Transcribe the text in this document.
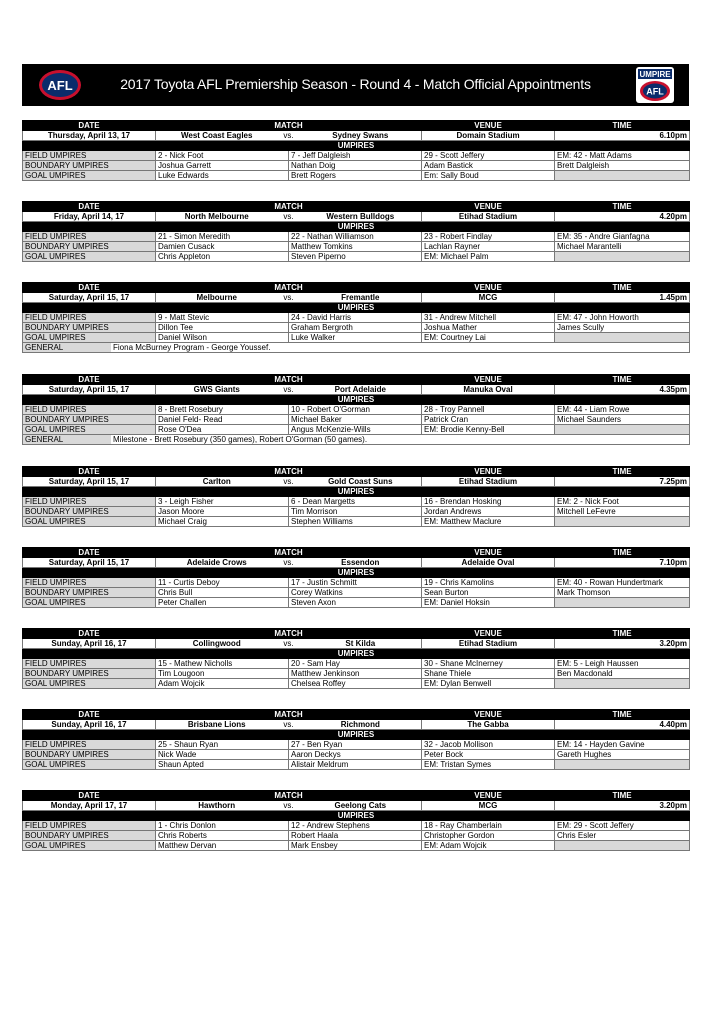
AFL	2017 Toyota AFL Premiership Season - Round 4 - Match Official Appointments
UMPIRE
AFL
DATE	MATCH		VENUE	TIME
Thursday, April 13, 17	West Coast Eagles vs. Sydney Swans		Domain Stadium	6.10pm
UMPIRES				
FIELD UMPIRES	2 - Nick Foot	7 - Jeff Dalgleish	29 - Scott Jeffery	EM: 42 - Matt Adams
BOUNDARY UMPIRES	Joshua Garrett	Nathan Doig	Adam Bastick	Brett Dalgleish
GOAL UMPIRES	Luke Edwards	Brett Rogers	Em: Sally Boud	
DATE	MATCH		VENUE	TIME
Friday, April 14, 17	North Melbourne vs. Western Bulldogs		Etihad Stadium	4.20pm
UMPIRES				
FIELD UMPIRES	21 - Simon Meredith	22 - Nathan Williamson	23 - Robert Findlay	EM: 35 - Andre Gianfagna
BOUNDARY UMPIRES	Damien Cusack	Matthew Tomkins	Lachlan Rayner	Michael Marantelli
GOAL UMPIRES	Chris Appleton	Steven Piperno	EM: Michael Palm	
DATE	MATCH		VENUE	TIME
Saturday, April 15, 17	Melbourne vs. Fremantle		MCG	1.45pm
UMPIRES				
FIELD UMPIRES	9 - Matt Stevic	24 - David Harris	31 - Andrew Mitchell	EM: 47 - John Howorth
BOUNDARY UMPIRES	Dillon Tee	Graham Bergroth	Joshua Mather	James Scully
GOAL UMPIRES	Daniel Wilson	Luke Walker	EM: Courtney Lai	

GENERAL Fiona McBurney Program - George Youssef.				
DATE	MATCH		VENUE	TIME
Saturday, April 15, 17	GWS Giants vs. Port Adelaide		Manuka Oval	4.35pm
UMPIRES				
FIELD UMPIRES	8 - Brett Rosebury	10 - Robert O'Gorman	28 - Troy Pannell	EM: 44 - Liam Rowe
BOUNDARY UMPIRES	Daniel Feld- Read	Michael Baker	Patrick Cran	Michael Saunders
GOAL UMPIRES	Rose O'Dea	Angus McKenzie-Wills	EM: Brodie Kenny-Bell	

GENERAL Milestone - Brett Rosebury (350 games), Robert O'Gorman (50 games).				
DATE	MATCH		VENUE	TIME
Saturday, April 15, 17	Carlton vs. Gold Coast Suns		Etihad Stadium	7.25pm
UMPIRES				
FIELD UMPIRES	3 - Leigh Fisher	6 - Dean Margetts	16 - Brendan Hosking	EM: 2 - Nick Foot
BOUNDARY UMPIRES	Jason Moore	Tim Morrison	Jordan Andrews	Mitchell LeFevre
GOAL UMPIRES	Michael Craig	Stephen Williams	EM: Matthew Maclure	
DATE	MATCH		VENUE	TIME
Saturday, April 15, 17	Adelaide Crows vs. Essendon		Adelaide Oval	7.10pm
UMPIRES				
FIELD UMPIRES	11 - Curtis Deboy	17 - Justin Schmitt	19 - Chris Kamolins	EM: 40 - Rowan Hundertmark
BOUNDARY UMPIRES	Chris Bull	Corey Watkins	Sean Burton	Mark Thomson
GOAL UMPIRES	Peter Challen	Steven Axon	EM: Daniel Hoksin	
DATE	MATCH		VENUE	TIME
Sunday, April 16, 17	Collingwood vs. St Kilda		Etihad Stadium	3.20pm
UMPIRES				
FIELD UMPIRES	15 - Mathew Nicholls	20 - Sam Hay	30 - Shane McInerney	EM: 5 - Leigh Haussen
BOUNDARY UMPIRES	Tim Lougoon	Matthew Jenkinson	Shane Thiele	Ben Macdonald
GOAL UMPIRES	Adam Wojcik	Chelsea Roffey	EM: Dylan Benwell	
DATE	MATCH		VENUE	TIME
Sunday, April 16, 17	Brisbane Lions vs. Richmond		The Gabba	4.40pm
UMPIRES				
FIELD UMPIRES	25 - Shaun Ryan	27 - Ben Ryan	32 - Jacob Mollison	EM: 14 - Hayden Gavine
BOUNDARY UMPIRES	Nick Wade	Aaron Deckys	Peter Bock	Gareth Hughes
GOAL UMPIRES	Shaun Apted	Alistair Meldrum	EM: Tristan Symes	
DATE	MATCH		VENUE	TIME
Monday, April 17, 17	Hawthorn vs. Geelong Cats		MCG	3.20pm
UMPIRES				
FIELD UMPIRES	1 - Chris Donlon	12 - Andrew Stephens	18 - Ray Chamberlain	EM: 29 - Scott Jeffery
BOUNDARY UMPIRES	Chris Roberts	Robert Haala	Christopher Gordon	Chris Esler
GOAL UMPIRES	Matthew Dervan	Mark Ensbey	EM: Adam Wojcik	
